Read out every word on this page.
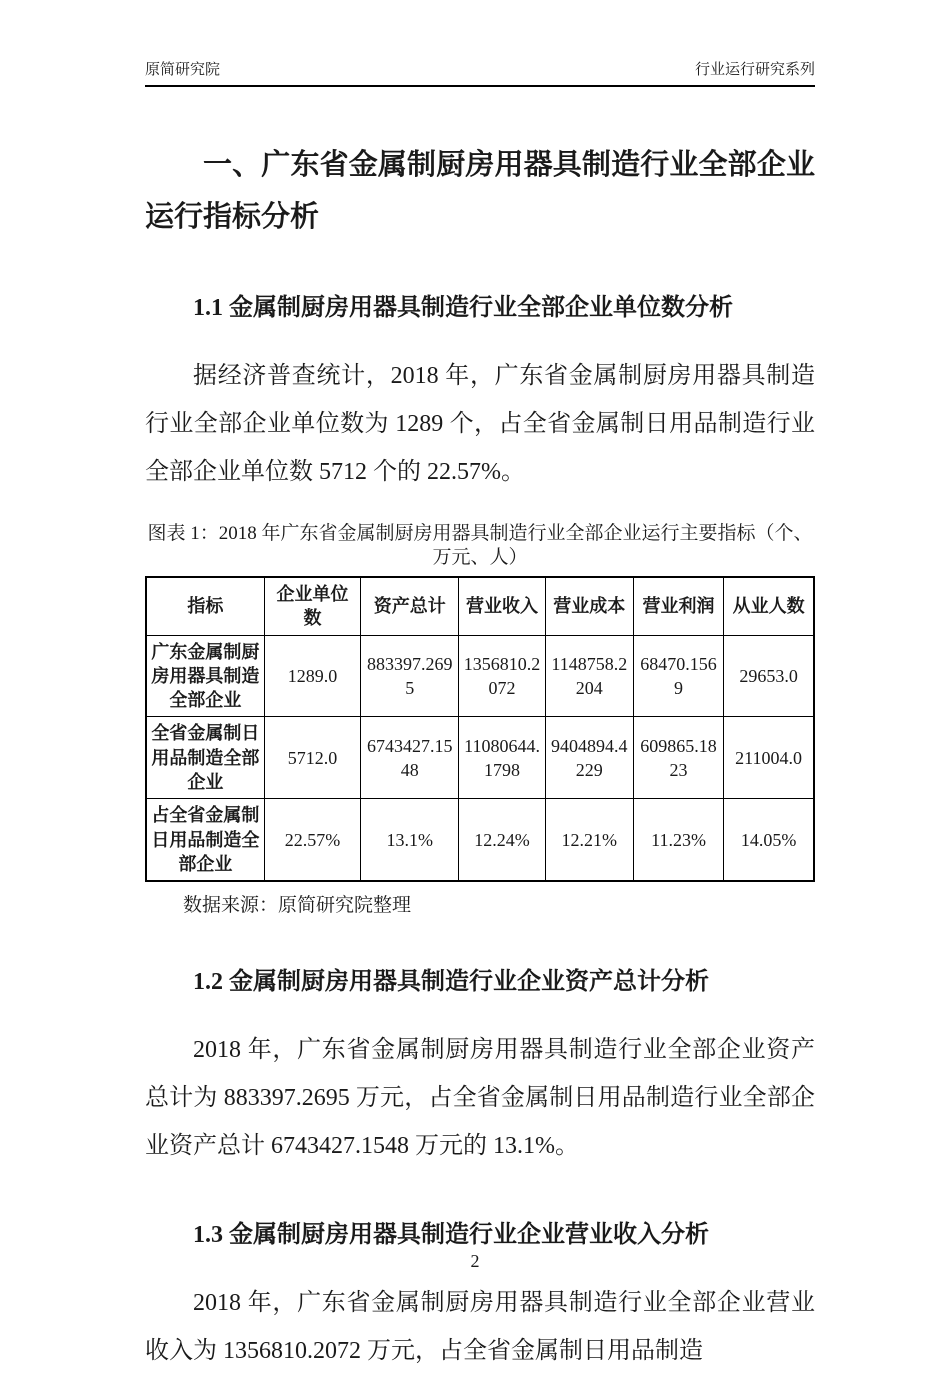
原简研究院	行业运行研究系列
一、广东省金属制厨房用器具制造行业全部企业运行指标分析
1.1 金属制厨房用器具制造行业全部企业单位数分析

据经济普查统计，2018 年，广东省金属制厨房用器具制造行业全部企业单位数为 1289 个，占全省金属制日用品制造行业全部企业单位数 5712 个的 22.57%。

图表 1：2018 年广东省金属制厨房用器具制造行业全部企业运行主要指标（个、万元、人）
指标	企业单位数	资产总计	营业收入	营业成本	营业利润	从业人数
广东金属制厨房用器具制造全部企业	1289.0	883397.2695	1356810.2072	1148758.2204	68470.1569	29653.0
全省金属制日用品制造全部企业	5712.0	6743427.1548	11080644.1798	9404894.4229	609865.1823	211004.0
占全省金属制日用品制造全部企业	22.57%	13.1%	12.24%	12.21%	11.23%	14.05%
数据来源：原简研究院整理
1.2 金属制厨房用器具制造行业企业资产总计分析

2018 年，广东省金属制厨房用器具制造行业全部企业资产总计为 883397.2695 万元，占全省金属制日用品制造行业全部企业资产总计 6743427.1548 万元的 13.1%。

1.3 金属制厨房用器具制造行业企业营业收入分析

2018 年，广东省金属制厨房用器具制造行业全部企业营业收入为 1356810.2072 万元，占全省金属制日用品制造

2
